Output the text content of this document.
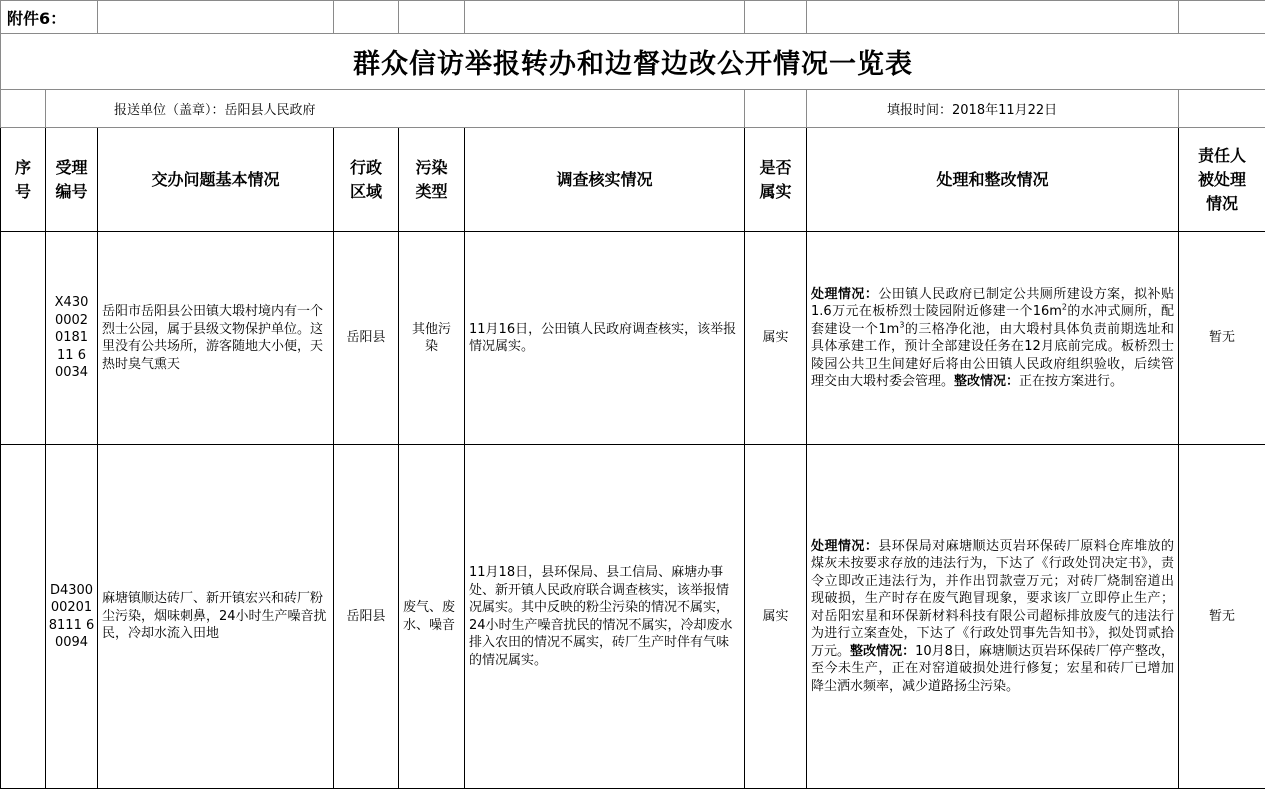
附件6：								
群众信访举报转办和边督边改公开情况一览表								
	报送单位（盖章）：岳阳县人民政府						填报时间：2018年11月22日	
序号	受理编号	交办问题基本情况	行政区域	污染类型	调查核实情况	是否属实	处理和整改情况	责任人被处理情况
	X4300002018111 60034	岳阳市岳阳县公田镇大塅村境内有一个烈士公园，属于县级文物保护单位。这里没有公共场所，游客随地大小便，天热时臭气熏天	岳阳县	其他污染	11月16日，公田镇人民政府调查核实，该举报情况属实。	属实	处理情况：公田镇人民政府已制定公共厕所建设方案，拟补贴1.6万元在板桥烈士陵园附近修建一个$16m^2$的水冲式厕所，配套建设一个$1m^3$的三格净化池，由大塅村具体负责前期选址和具体承建工作，预计全部建设任务在12月底前完成。板桥烈士陵园公共卫生间建好后将由公田镇人民政府组织验收，后续管理交由大塅村委会管理。整改情况：正在按方案进行。	暂无
	D4300002018111 60094	麻塘镇顺达砖厂、新开镇宏兴和砖厂粉尘污染，烟味刺鼻，24小时生产噪音扰民，冷却水流入田地	岳阳县	废气、废水、噪音	11月18日，县环保局、县工信局、麻塘办事处、新开镇人民政府联合调查核实，该举报情况属实。其中反映的粉尘污染的情况不属实，24小时生产噪音扰民的情况不属实，冷却废水排入农田的情况不属实，砖厂生产时伴有气味的情况属实。	属实	处理情况：县环保局对麻塘顺达页岩环保砖厂原料仓库堆放的煤灰未按要求存放的违法行为，下达了《行政处罚决定书》，责令立即改正违法行为，并作出罚款壹万元；对砖厂烧制窑道出现破损，生产时存在废气跑冒现象，要求该厂立即停止生产；对岳阳宏星和环保新材料科技有限公司超标排放废气的违法行为进行立案查处，下达了《行政处罚事先告知书》，拟处罚贰拾万元。整改情况：10月8日，麻塘顺达页岩环保砖厂停产整改，至今未生产，正在对窑道破损处进行修复；宏星和砖厂已增加降尘洒水频率，减少道路扬尘污染。	暂无
